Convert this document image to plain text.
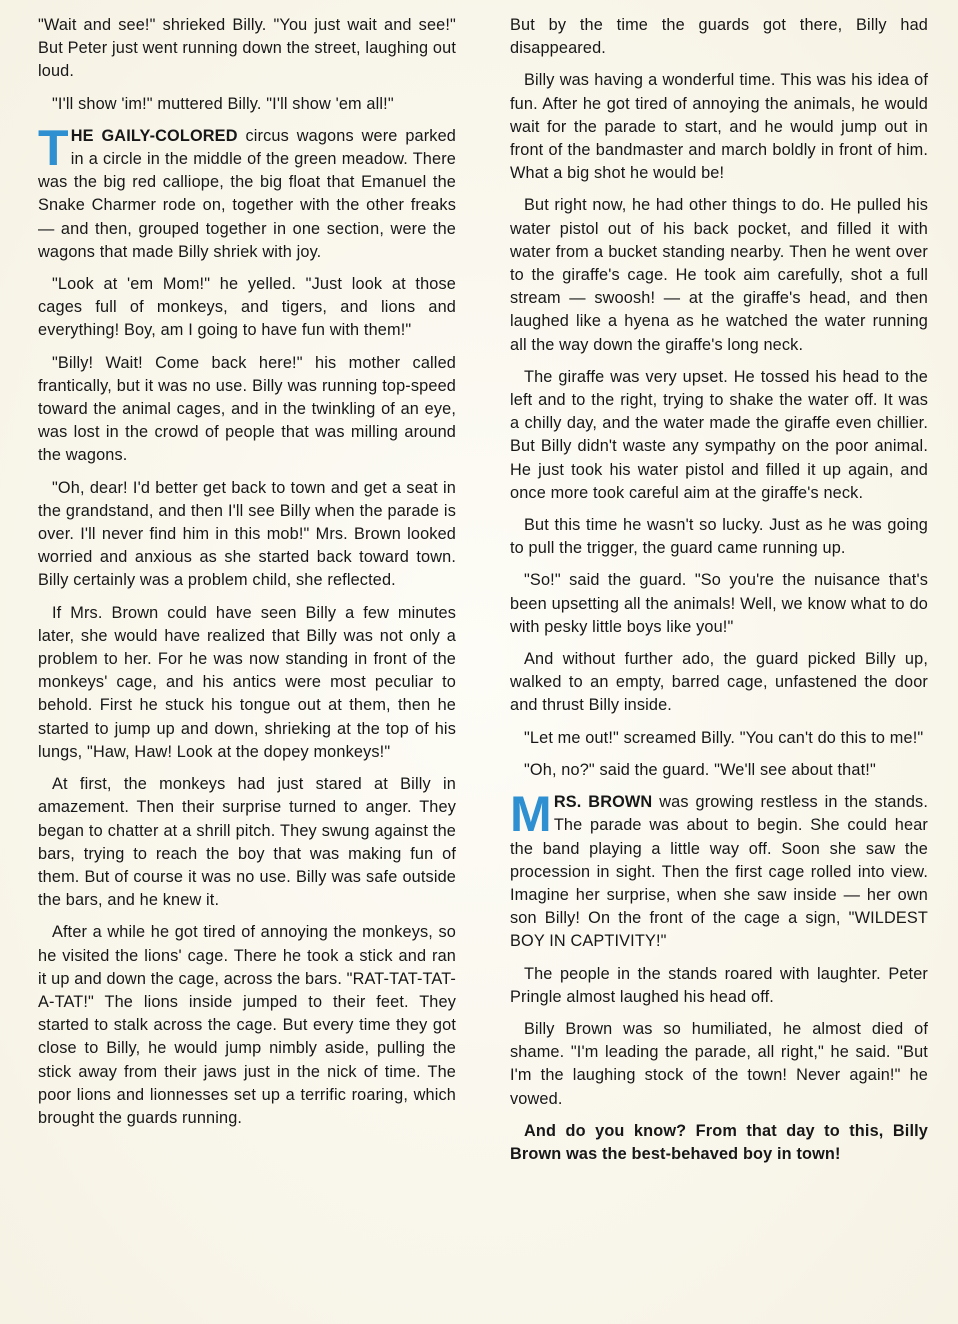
"Wait and see!" shrieked Billy. "You just wait and see!" But Peter just went running down the street, laughing out loud.

"I'll show 'im!" muttered Billy. "I'll show 'em all!"

THE GAILY-COLORED circus wagons were parked in a circle in the middle of the green meadow. There was the big red calliope, the big float that Emanuel the Snake Charmer rode on, together with the other freaks — and then, grouped together in one section, were the wagons that made Billy shriek with joy.

"Look at 'em Mom!" he yelled. "Just look at those cages full of monkeys, and tigers, and lions and everything! Boy, am I going to have fun with them!"

"Billy! Wait! Come back here!" his mother called frantically, but it was no use. Billy was running top-speed toward the animal cages, and in the twinkling of an eye, was lost in the crowd of people that was milling around the wagons.

"Oh, dear! I'd better get back to town and get a seat in the grandstand, and then I'll see Billy when the parade is over. I'll never find him in this mob!" Mrs. Brown looked worried and anxious as she started back toward town. Billy certainly was a problem child, she reflected.

If Mrs. Brown could have seen Billy a few minutes later, she would have realized that Billy was not only a problem to her. For he was now standing in front of the monkeys' cage, and his antics were most peculiar to behold. First he stuck his tongue out at them, then he started to jump up and down, shrieking at the top of his lungs, "Haw, Haw! Look at the dopey monkeys!"

At first, the monkeys had just stared at Billy in amazement. Then their surprise turned to anger. They began to chatter at a shrill pitch. They swung against the bars, trying to reach the boy that was making fun of them. But of course it was no use. Billy was safe outside the bars, and he knew it.

After a while he got tired of annoying the monkeys, so he visited the lions' cage. There he took a stick and ran it up and down the cage, across the bars. "RAT-TAT-TAT-A-TAT!" The lions inside jumped to their feet. They started to stalk across the cage. But every time they got close to Billy, he would jump nimbly aside, pulling the stick away from their jaws just in the nick of time. The poor lions and lionnesses set up a terrific roaring, which brought the guards running.

But by the time the guards got there, Billy had disappeared.

Billy was having a wonderful time. This was his idea of fun. After he got tired of annoying the animals, he would wait for the parade to start, and he would jump out in front of the bandmaster and march boldly in front of him. What a big shot he would be!

But right now, he had other things to do. He pulled his water pistol out of his back pocket, and filled it with water from a bucket standing nearby. Then he went over to the giraffe's cage. He took aim carefully, shot a full stream — swoosh! — at the giraffe's head, and then laughed like a hyena as he watched the water running all the way down the giraffe's long neck.

The giraffe was very upset. He tossed his head to the left and to the right, trying to shake the water off. It was a chilly day, and the water made the giraffe even chillier. But Billy didn't waste any sympathy on the poor animal. He just took his water pistol and filled it up again, and once more took careful aim at the giraffe's neck.

But this time he wasn't so lucky. Just as he was going to pull the trigger, the guard came running up.

"So!" said the guard. "So you're the nuisance that's been upsetting all the animals! Well, we know what to do with pesky little boys like you!"

And without further ado, the guard picked Billy up, walked to an empty, barred cage, unfastened the door and thrust Billy inside.

"Let me out!" screamed Billy. "You can't do this to me!"

"Oh, no?" said the guard. "We'll see about that!"

MRS. BROWN was growing restless in the stands. The parade was about to begin. She could hear the band playing a little way off. Soon she saw the procession in sight. Then the first cage rolled into view. Imagine her surprise, when she saw inside — her own son Billy! On the front of the cage a sign, "WILDEST BOY IN CAPTIVITY!"

The people in the stands roared with laughter. Peter Pringle almost laughed his head off.

Billy Brown was so humiliated, he almost died of shame. "I'm leading the parade, all right," he said. "But I'm the laughing stock of the town! Never again!" he vowed.

And do you know? From that day to this, Billy Brown was the best-behaved boy in town!
